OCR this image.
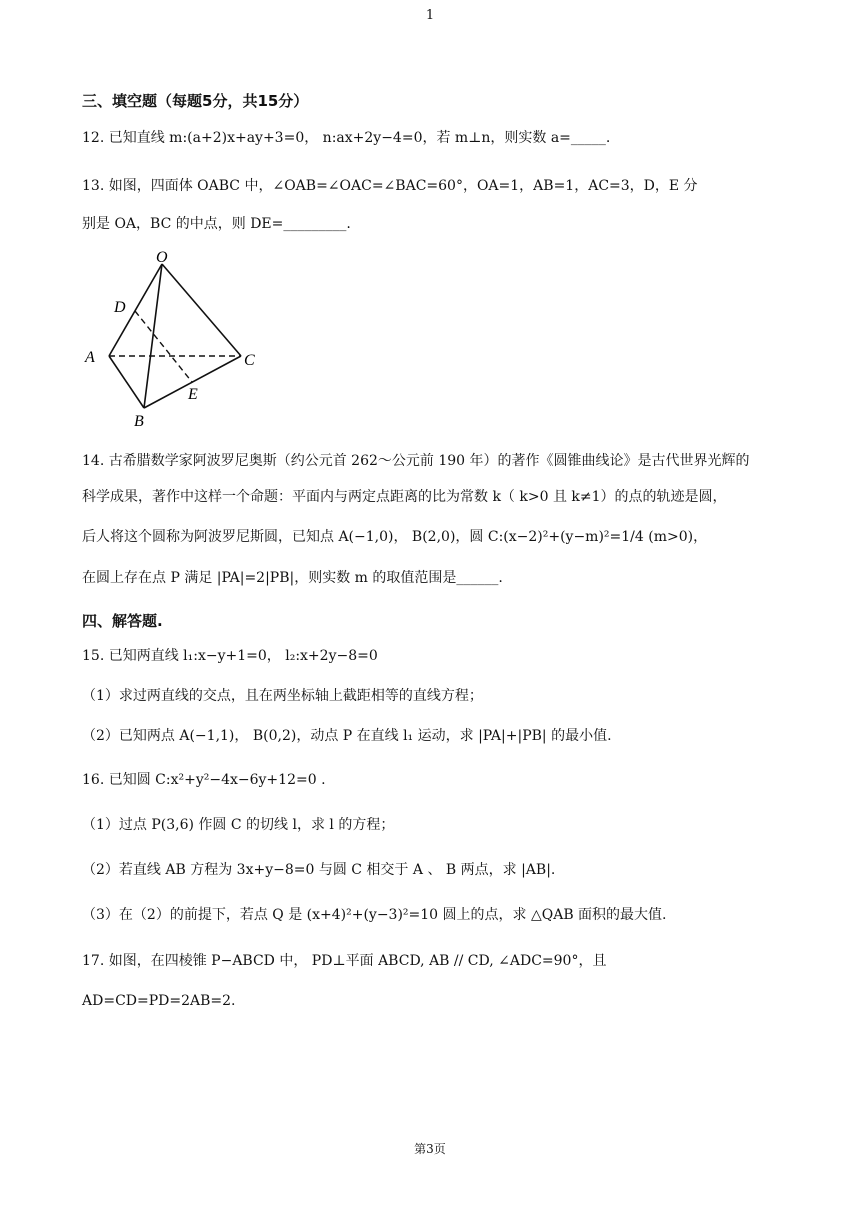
1
三、填空题（每题5分，共15分）
12. 已知直线 m:(a+2)x+ay+3=0， n:ax+2y−4=0，若 m⊥n，则实数 a=_____.
13. 如图，四面体 OABC 中，∠OAB=∠OAC=∠BAC=60°，OA=1，AB=1，AC=3，D，E 分
别是 OA，BC 的中点，则 DE=_________.
O
D
A	C
E
B
14. 古希腊数学家阿波罗尼奥斯（约公元首 262～公元前 190 年）的著作《圆锥曲线论》是古代世界光辉的
科学成果，著作中这样一个命题：平面内与两定点距离的比为常数 k（ k>0 且 k≠1）的点的轨迹是圆，
后人将这个圆称为阿波罗尼斯圆，已知点 A(−1,0)， B(2,0)，圆 C:(x−2)²+(y−m)²=1/4 (m>0)，
在圆上存在点 P 满足 |PA|=2|PB|，则实数 m 的取值范围是______.
四、解答题.
15. 已知两直线 l₁:x−y+1=0， l₂:x+2y−8=0
（1）求过两直线的交点，且在两坐标轴上截距相等的直线方程；
（2）已知两点 A(−1,1)， B(0,2)，动点 P 在直线 l₁ 运动，求 |PA|+|PB| 的最小值.
16. 已知圆 C:x²+y²−4x−6y+12=0 .
（1）过点 P(3,6) 作圆 C 的切线 l，求 l 的方程；
（2）若直线 AB 方程为 3x+y−8=0 与圆 C 相交于 A 、 B 两点，求 |AB|.
（3）在（2）的前提下，若点 Q 是 (x+4)²+(y−3)²=10 圆上的点，求 △QAB 面积的最大值.
17. 如图，在四棱锥 P−ABCD 中， PD⊥平面 ABCD, AB // CD, ∠ADC=90°，且
AD=CD=PD=2AB=2.
第3页
